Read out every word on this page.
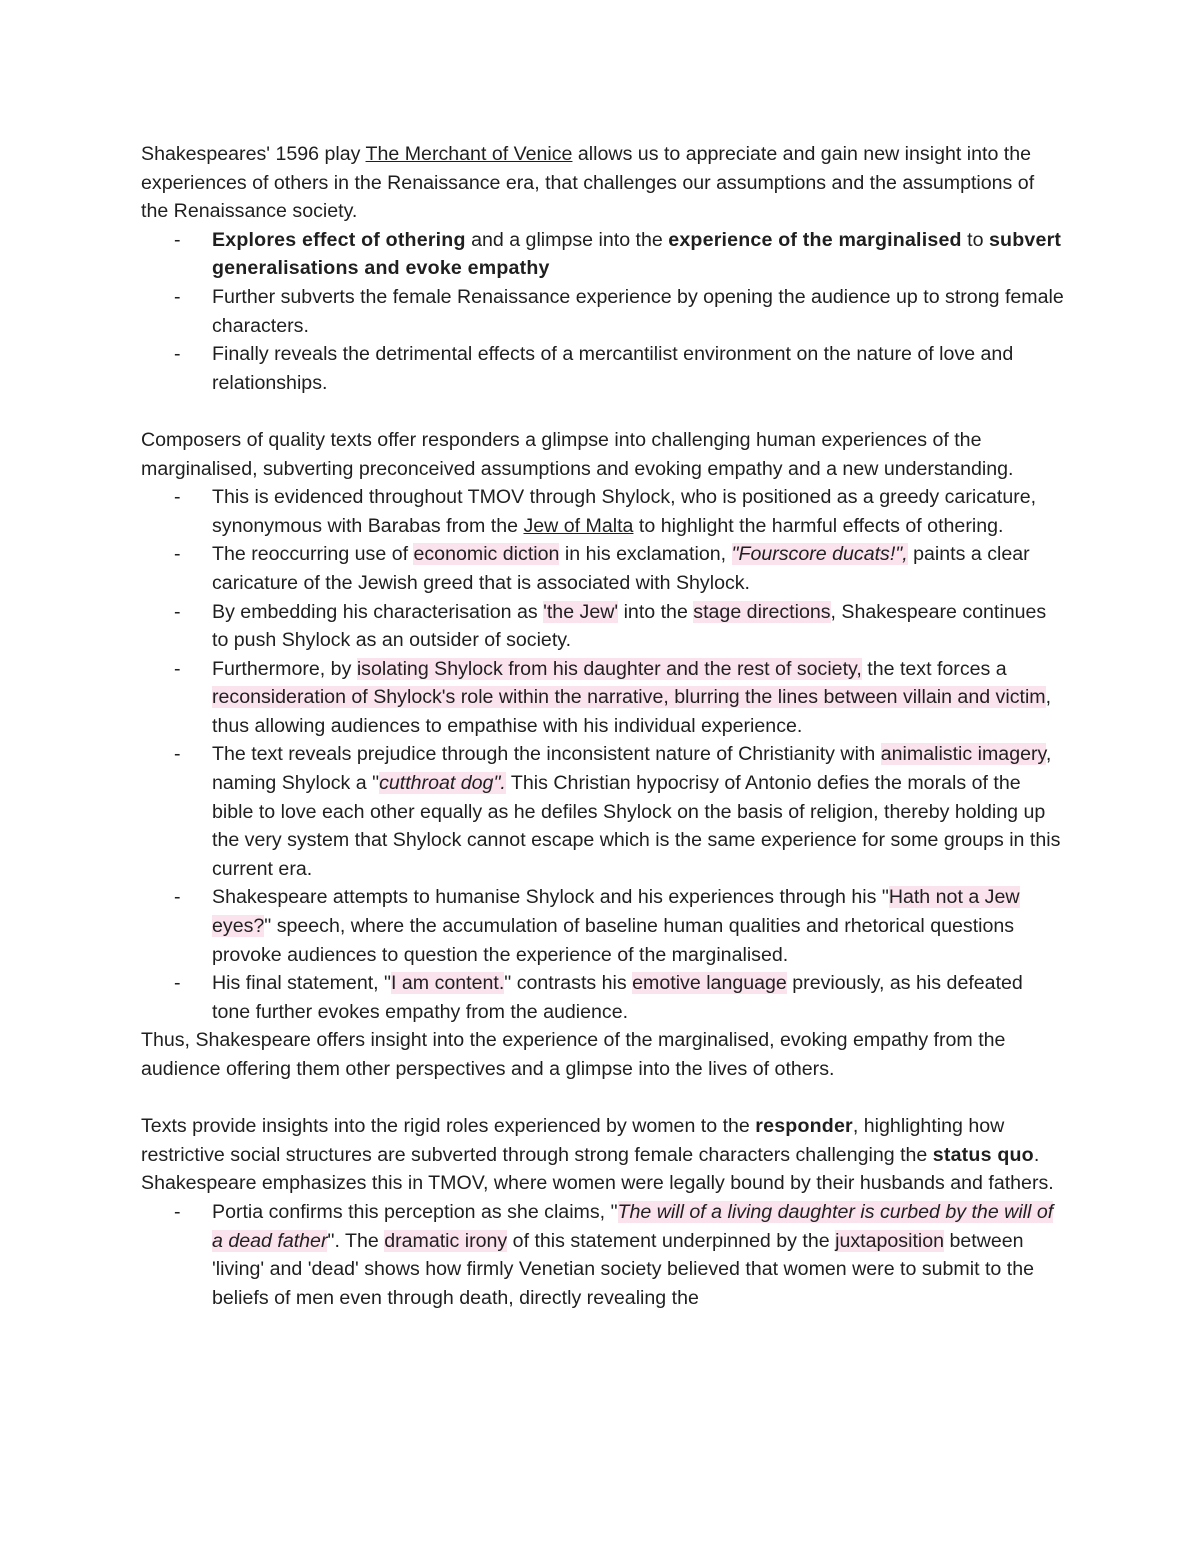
Shakespeares' 1596 play The Merchant of Venice allows us to appreciate and gain new insight into the experiences of others in the Renaissance era, that challenges our assumptions and the assumptions of the Renaissance society.

- Explores effect of othering and a glimpse into the experience of the marginalised to subvert generalisations and evoke empathy
- Further subverts the female Renaissance experience by opening the audience up to strong female characters.
- Finally reveals the detrimental effects of a mercantilist environment on the nature of love and relationships.

Composers of quality texts offer responders a glimpse into challenging human experiences of the marginalised, subverting preconceived assumptions and evoking empathy and a new understanding.

- This is evidenced throughout TMOV through Shylock, who is positioned as a greedy caricature, synonymous with Barabas from the Jew of Malta to highlight the harmful effects of othering.
- The reoccurring use of economic diction in his exclamation, "Fourscore ducats!", paints a clear caricature of the Jewish greed that is associated with Shylock.
- By embedding his characterisation as 'the Jew' into the stage directions, Shakespeare continues to push Shylock as an outsider of society.
- Furthermore, by isolating Shylock from his daughter and the rest of society, the text forces a reconsideration of Shylock's role within the narrative, blurring the lines between villain and victim, thus allowing audiences to empathise with his individual experience.
- The text reveals prejudice through the inconsistent nature of Christianity with animalistic imagery, naming Shylock a "cutthroat dog". This Christian hypocrisy of Antonio defies the morals of the bible to love each other equally as he defiles Shylock on the basis of religion, thereby holding up the very system that Shylock cannot escape which is the same experience for some groups in this current era.
- Shakespeare attempts to humanise Shylock and his experiences through his "Hath not a Jew eyes?" speech, where the accumulation of baseline human qualities and rhetorical questions provoke audiences to question the experience of the marginalised.
- His final statement, "I am content." contrasts his emotive language previously, as his defeated tone further evokes empathy from the audience.

Thus, Shakespeare offers insight into the experience of the marginalised, evoking empathy from the audience offering them other perspectives and a glimpse into the lives of others.

Texts provide insights into the rigid roles experienced by women to the responder, highlighting how restrictive social structures are subverted through strong female characters challenging the status quo. Shakespeare emphasizes this in TMOV, where women were legally bound by their husbands and fathers.

- Portia confirms this perception as she claims, "The will of a living daughter is curbed by the will of a dead father". The dramatic irony of this statement underpinned by the juxtaposition between 'living' and 'dead' shows how firmly Venetian society believed that women were to submit to the beliefs of men even through death, directly revealing the
